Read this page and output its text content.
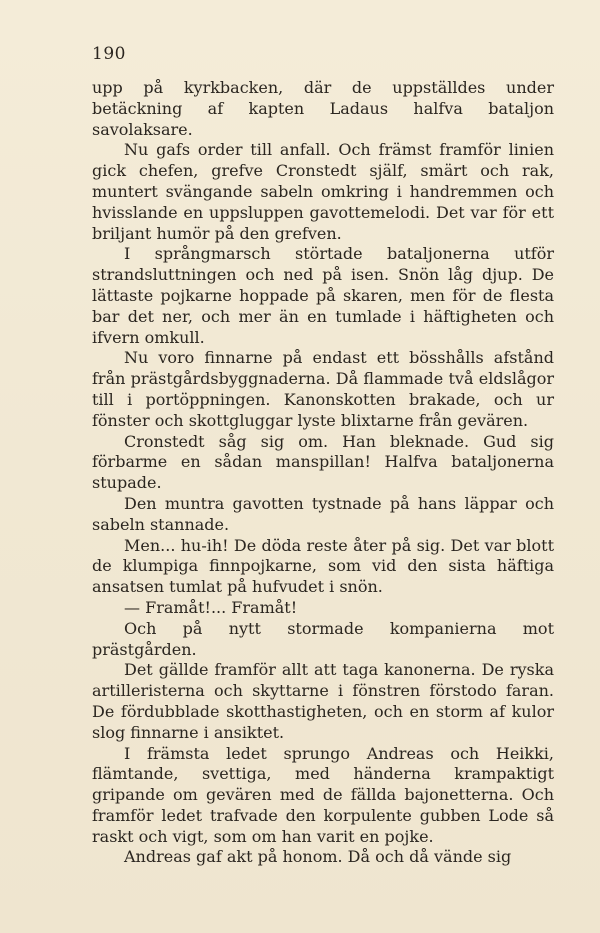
190

upp på kyrkbacken, där de uppställdes under betäckning af kapten Ladaus halfva bataljon savolaksare.

Nu gafs order till anfall. Och främst framför linien gick chefen, grefve Cronstedt själf, smärt och rak, muntert svängande sabeln omkring i handremmen och hvisslande en uppsluppen gavottemelodi. Det var för ett briljant humör på den grefven.

I språngmarsch störtade bataljonerna utför strandsluttningen och ned på isen. Snön låg djup. De lättaste pojkarne hoppade på skaren, men för de flesta bar det ner, och mer än en tumlade i häftigheten och ifvern omkull.

Nu voro finnarne på endast ett bösshålls afstånd från prästgårdsbyggnaderna. Då flammade två eldslågor till i portöppningen. Kanonskotten brakade, och ur fönster och skottgluggar lyste blixtarne från gevären.

Cronstedt såg sig om. Han bleknade. Gud sig förbarme en sådan manspillan! Halfva bataljonerna stupade.

Den muntra gavotten tystnade på hans läppar och sabeln stannade.

Men... hu-ih! De döda reste åter på sig. Det var blott de klumpiga finnpojkarne, som vid den sista häftiga ansatsen tumlat på hufvudet i snön.

— Framåt!... Framåt!

Och på nytt stormade kompanierna mot prästgården.

Det gällde framför allt att taga kanonerna. De ryska artilleristerna och skyttarne i fönstren förstodo faran. De fördubblade skotthastigheten, och en storm af kulor slog finnarne i ansiktet.

I främsta ledet sprungo Andreas och Heikki, flämtande, svettiga, med händerna krampaktigt gripande om gevären med de fällda bajonetterna. Och framför ledet trafvade den korpulente gubben Lode så raskt och vigt, som om han varit en pojke.

Andreas gaf akt på honom. Då och då vände sig
